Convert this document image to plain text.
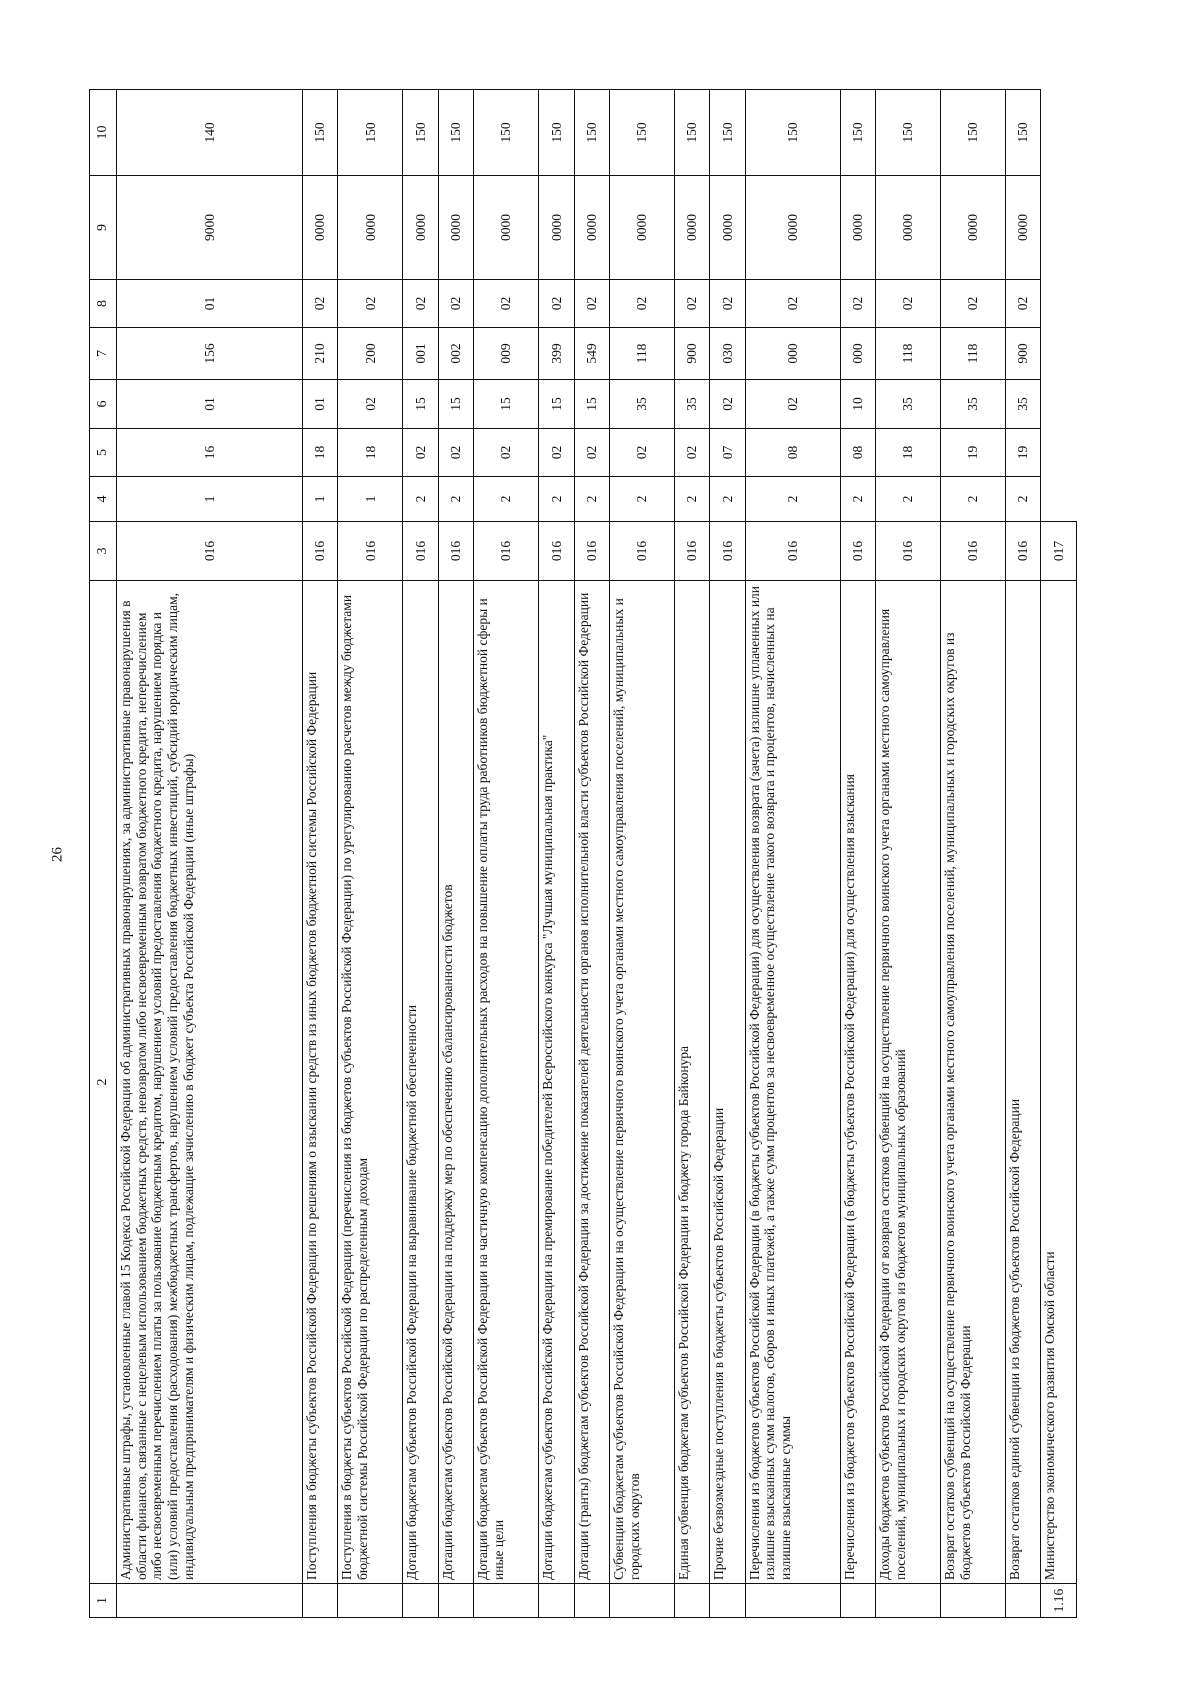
26
1	2	3	4	5	6	7	8	9	10
	Административные штрафы, установленные главой 15 Кодекса Российской Федерации об административных правонарушениях, за административные правонарушения в области финансов, связанные с нецелевым использованием бюджетных средств, невозвратом либо несвоевременным возвратом бюджетного кредита, неперечислением либо несвоевременным перечислением платы за пользование бюджетным кредитом, нарушением условий предоставления бюджетного кредита, нарушением порядка и (или) условий предоставления (расходования) межбюджетных трансфертов, нарушением условий предоставления бюджетных инвестиций, субсидий юридическим лицам, индивидуальным предпринимателям и физическим лицам, подлежащие зачислению в бюджет субъекта Российской Федерации (иные штрафы)	016	1	16	01	156	01	9000	140
	Поступления в бюджеты субъектов Российской Федерации по решениям о взыскании средств из иных бюджетов бюджетной системы Российской Федерации	016	1	18	01	210	02	0000	150
	Поступления в бюджеты субъектов Российской Федерации (перечисления из бюджетов субъектов Российской Федерации) по урегулированию расчетов между бюджетами бюджетной системы Российской Федерации по распределенным доходам	016	1	18	02	200	02	0000	150
	Дотации бюджетам субъектов Российской Федерации на выравнивание бюджетной обеспеченности	016	2	02	15	001	02	0000	150
	Дотации бюджетам субъектов Российской Федерации на поддержку мер по обеспечению сбалансированности бюджетов	016	2	02	15	002	02	0000	150
	Дотации бюджетам субъектов Российской Федерации на частичную компенсацию дополнительных расходов на повышение оплаты труда работников бюджетной сферы и иные цели	016	2	02	15	009	02	0000	150
	Дотации бюджетам субъектов Российской Федерации на премирование победителей Всероссийского конкурса "Лучшая муниципальная практика"	016	2	02	15	399	02	0000	150
	Дотации (гранты) бюджетам субъектов Российской Федерации за достижение показателей деятельности органов исполнительной власти субъектов Российской Федерации	016	2	02	15	549	02	0000	150
	Субвенции бюджетам субъектов Российской Федерации на осуществление первичного воинского учета органами местного самоуправления поселений, муниципальных и городских округов	016	2	02	35	118	02	0000	150
	Единая субвенция бюджетам субъектов Российской Федерации и бюджету города Байконура	016	2	02	35	900	02	0000	150
	Прочие безвозмездные поступления в бюджеты субъектов Российской Федерации	016	2	07	02	030	02	0000	150
	Перечисления из бюджетов субъектов Российской Федерации (в бюджеты субъектов Российской Федерации) для осуществления возврата (зачета) излишне уплаченных или излишне взысканных сумм налогов, сборов и иных платежей, а также сумм процентов за несвоевременное осуществление такого возврата и процентов, начисленных на излишне взысканные суммы	016	2	08	02	000	02	0000	150
	Перечисления из бюджетов субъектов Российской Федерации (в бюджеты субъектов Российской Федерации) для осуществления взыскания	016	2	08	10	000	02	0000	150
	Доходы бюджетов субъектов Российской Федерации от возврата остатков субвенций на осуществление первичного воинского учета органами местного самоуправления поселений, муниципальных и городских округов из бюджетов муниципальных образований	016	2	18	35	118	02	0000	150
	Возврат остатков субвенций на осуществление первичного воинского учета органами местного самоуправления поселений, муниципальных и городских округов из бюджетов субъектов Российской Федерации	016	2	19	35	118	02	0000	150
	Возврат остатков единой субвенции из бюджетов субъектов Российской Федерации	016	2	19	35	900	02	0000	150
1.16	Министерство экономического развития Омской области	017							
